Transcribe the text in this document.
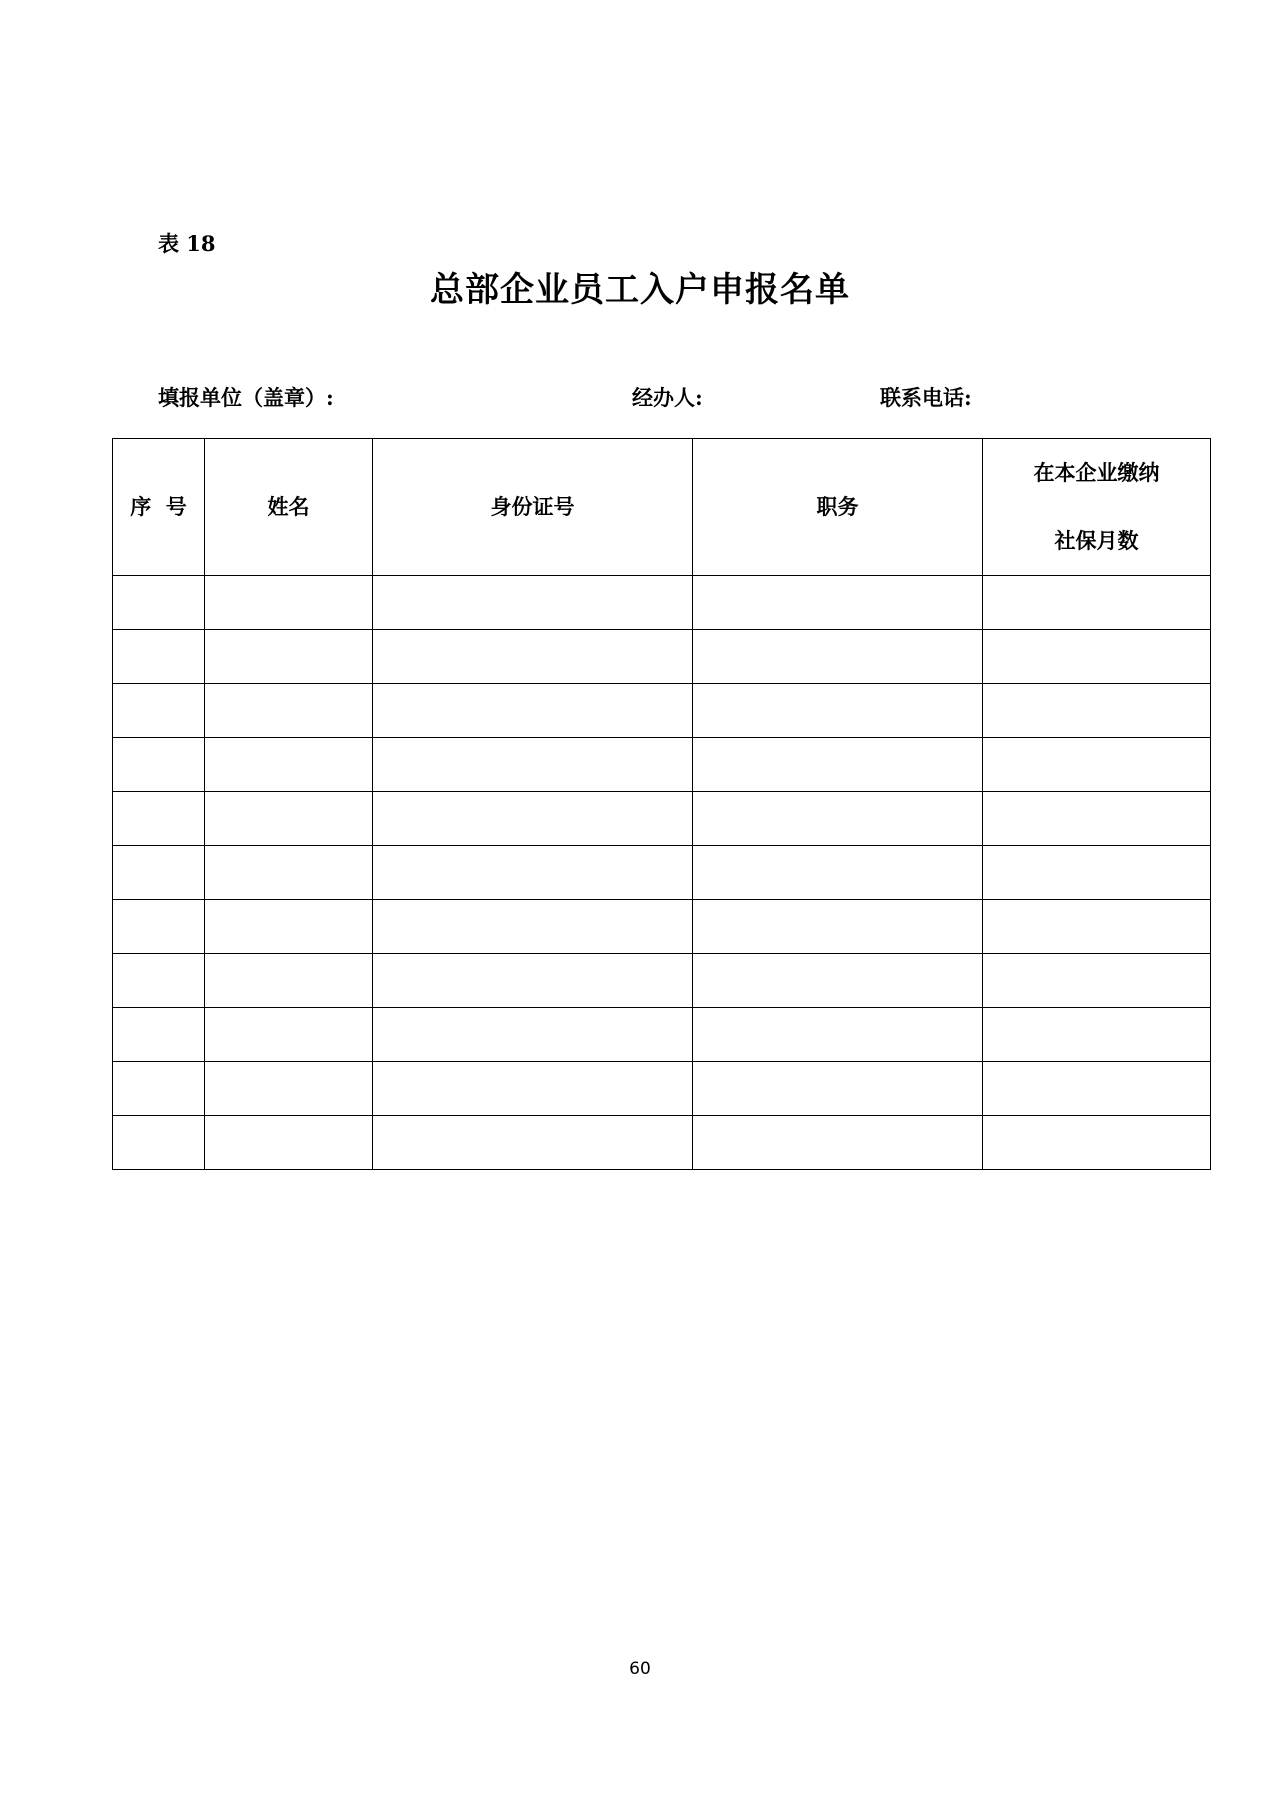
表 18
总部企业员工入户申报名单
填报单位（盖章）:	经办人:	联系电话:
序  号	姓名	身份证号	职务	在本企业缴纳
社保月数

60
